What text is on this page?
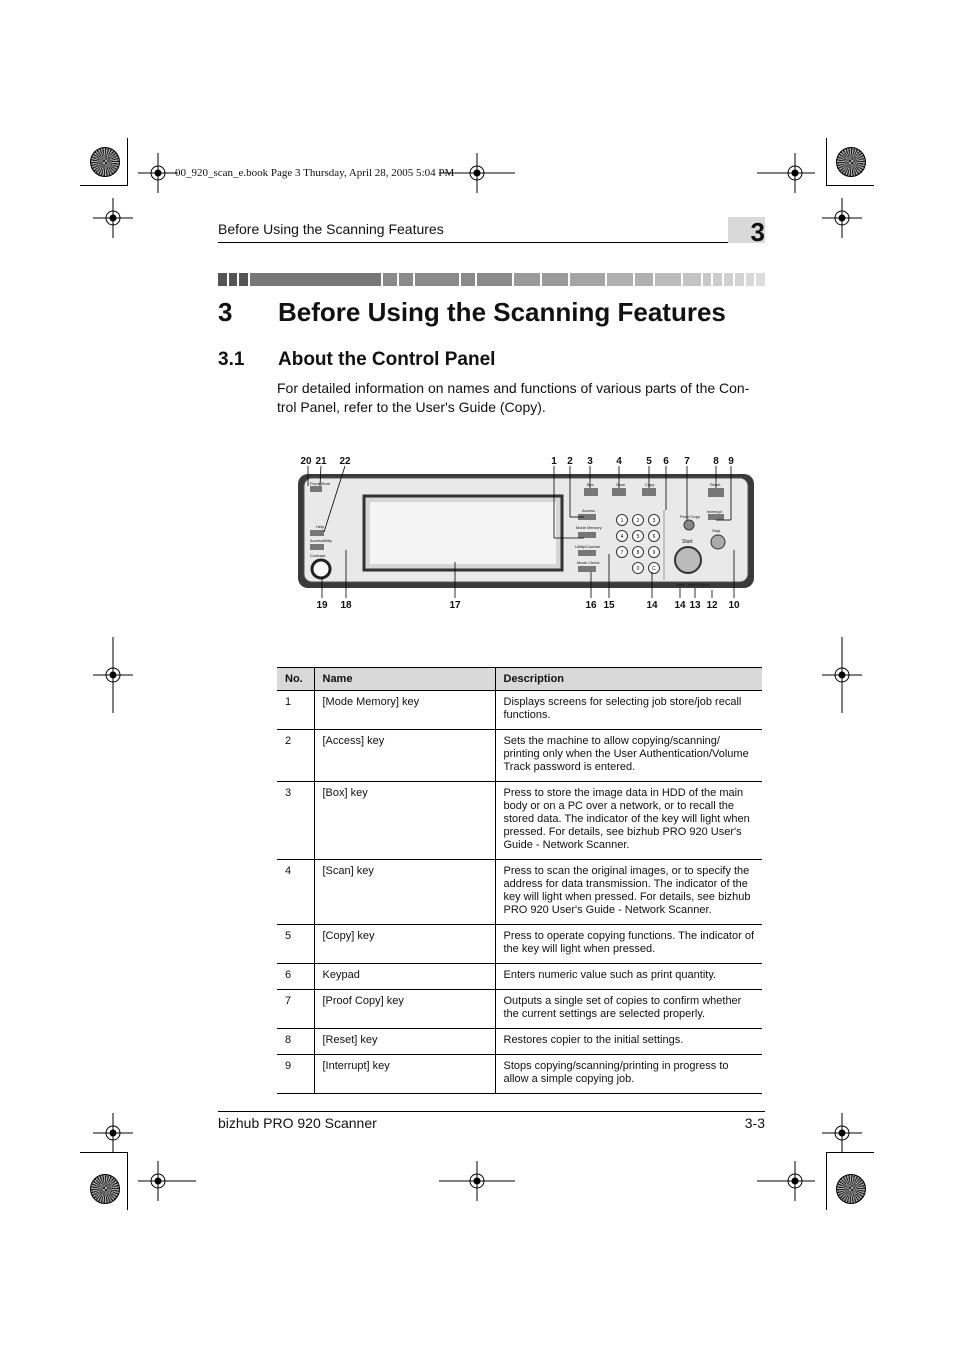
00_920_scan_e.book Page 3 Thursday, April 28, 2005 5:04 PM
Before Using the Scanning Features	3
3 Before Using the Scanning Features
3.1 About the Control Panel
For detailed information on names and functions of various parts of the Con-trol Panel, refer to the User's Guide (Copy).
Proof Store
Help
Accessibility
Contrast
Access
Mode Memory
Utility/Counter
Mode Check
Box	Scan	Copy
Proof Copy
Reset
Interrupt
Stop
Start
Data Main Power
1	2	3
4	5	6
7	8	9
0	C
20 21 22	1 2 3 4 5 6 7 8 9
19 18	17	16 15	14 14 13 12 10
No.	Name	Description
1	[Mode Memory] key	Displays screens for selecting job store/job recall functions.
2	[Access] key	Sets the machine to allow copying/scanning/ printing only when the User Authentication/Volume Track password is entered.
3	[Box] key	Press to store the image data in HDD of the main body or on a PC over a network, or to recall the stored data. The indicator of the key will light when pressed. For details, see bizhub PRO 920 User's Guide - Network Scanner.
4	[Scan] key	Press to scan the original images, or to specify the address for data transmission. The indicator of the key will light when pressed. For details, see bizhub PRO 920 User's Guide - Network Scanner.
5	[Copy] key	Press to operate copying functions. The indicator of the key will light when pressed.
6	Keypad	Enters numeric value such as print quantity.
7	[Proof Copy] key	Outputs a single set of copies to confirm whether the current settings are selected properly.
8	[Reset] key	Restores copier to the initial settings.
9	[Interrupt] key	Stops copying/scanning/printing in progress to allow a simple copying job.
bizhub PRO 920 Scanner	3-3
